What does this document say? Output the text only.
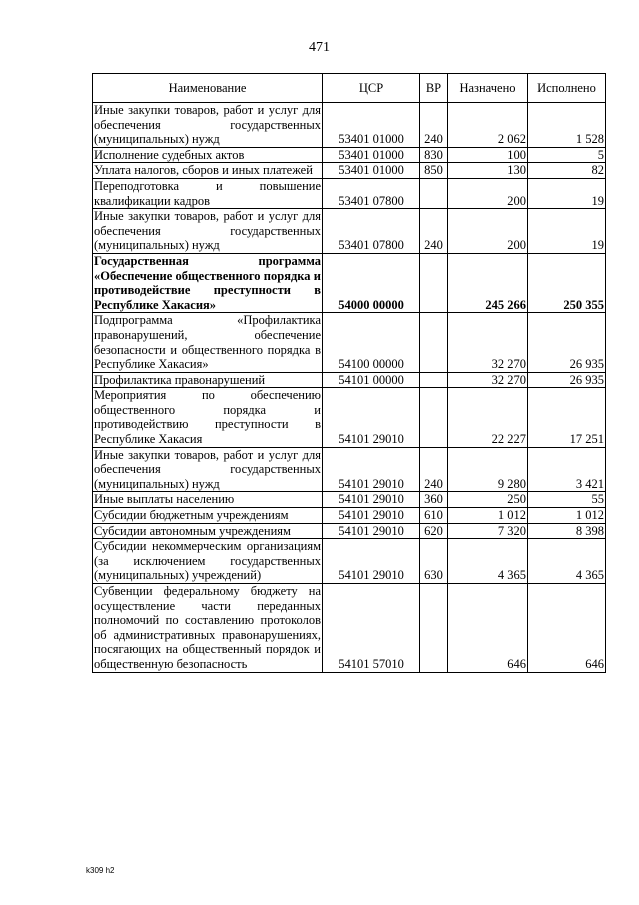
471
Наименование	ЦСР	ВР	Назначено	Исполнено
Иные закупки товаров, работ и услуг для обеспечения государственных (муниципальных) нужд	53401 01000	240	2 062	1 528
Исполнение судебных актов	53401 01000	830	100	5
Уплата налогов, сборов и иных платежей	53401 01000	850	130	82
Переподготовка и повышение квалификации кадров	53401 07800		200	19
Иные закупки товаров, работ и услуг для обеспечения государственных (муниципальных) нужд	53401 07800	240	200	19
Государственная программа «Обеспечение общественного порядка и противодействие преступности в Республике Хакасия»	54000 00000		245 266	250 355
Подпрограмма «Профилактика правонарушений, обеспечение безопасности и общественного порядка в Республике Хакасия»	54100 00000		32 270	26 935
Профилактика правонарушений	54101 00000		32 270	26 935
Мероприятия по обеспечению общественного порядка и противодействию преступности в Республике Хакасия	54101 29010		22 227	17 251
Иные закупки товаров, работ и услуг для обеспечения государственных (муниципальных) нужд	54101 29010	240	9 280	3 421
Иные выплаты населению	54101 29010	360	250	55
Субсидии бюджетным учреждениям	54101 29010	610	1 012	1 012
Субсидии автономным учреждениям	54101 29010	620	7 320	8 398
Субсидии некоммерческим организациям (за исключением государственных (муниципальных) учреждений)	54101 29010	630	4 365	4 365
Субвенции федеральному бюджету на осуществление части переданных полномочий по составлению протоколов об административных правонарушениях, посягающих на общественный порядок и общественную безопасность	54101 57010		646	646
k309 h2
